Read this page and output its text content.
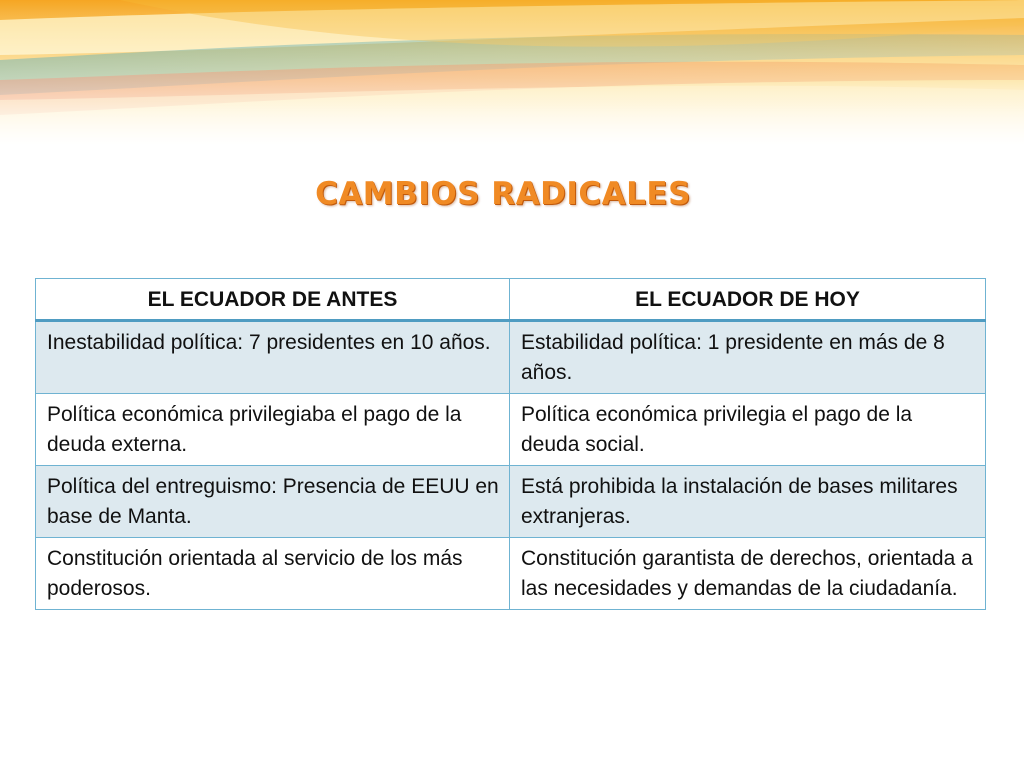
CAMBIOS RADICALES
EL ECUADOR DE ANTES	EL ECUADOR DE HOY
Inestabilidad política: 7 presidentes en 10 años.	Estabilidad política: 1 presidente en más de 8 años.
Política económica privilegiaba el pago de la deuda externa.	Política económica privilegia el pago de la deuda social.
Política del entreguismo: Presencia de EEUU en base de Manta.	Está prohibida la instalación de bases militares extranjeras.
Constitución orientada al servicio de los más poderosos.	Constitución garantista de derechos, orientada a las necesidades y demandas de la ciudadanía.
